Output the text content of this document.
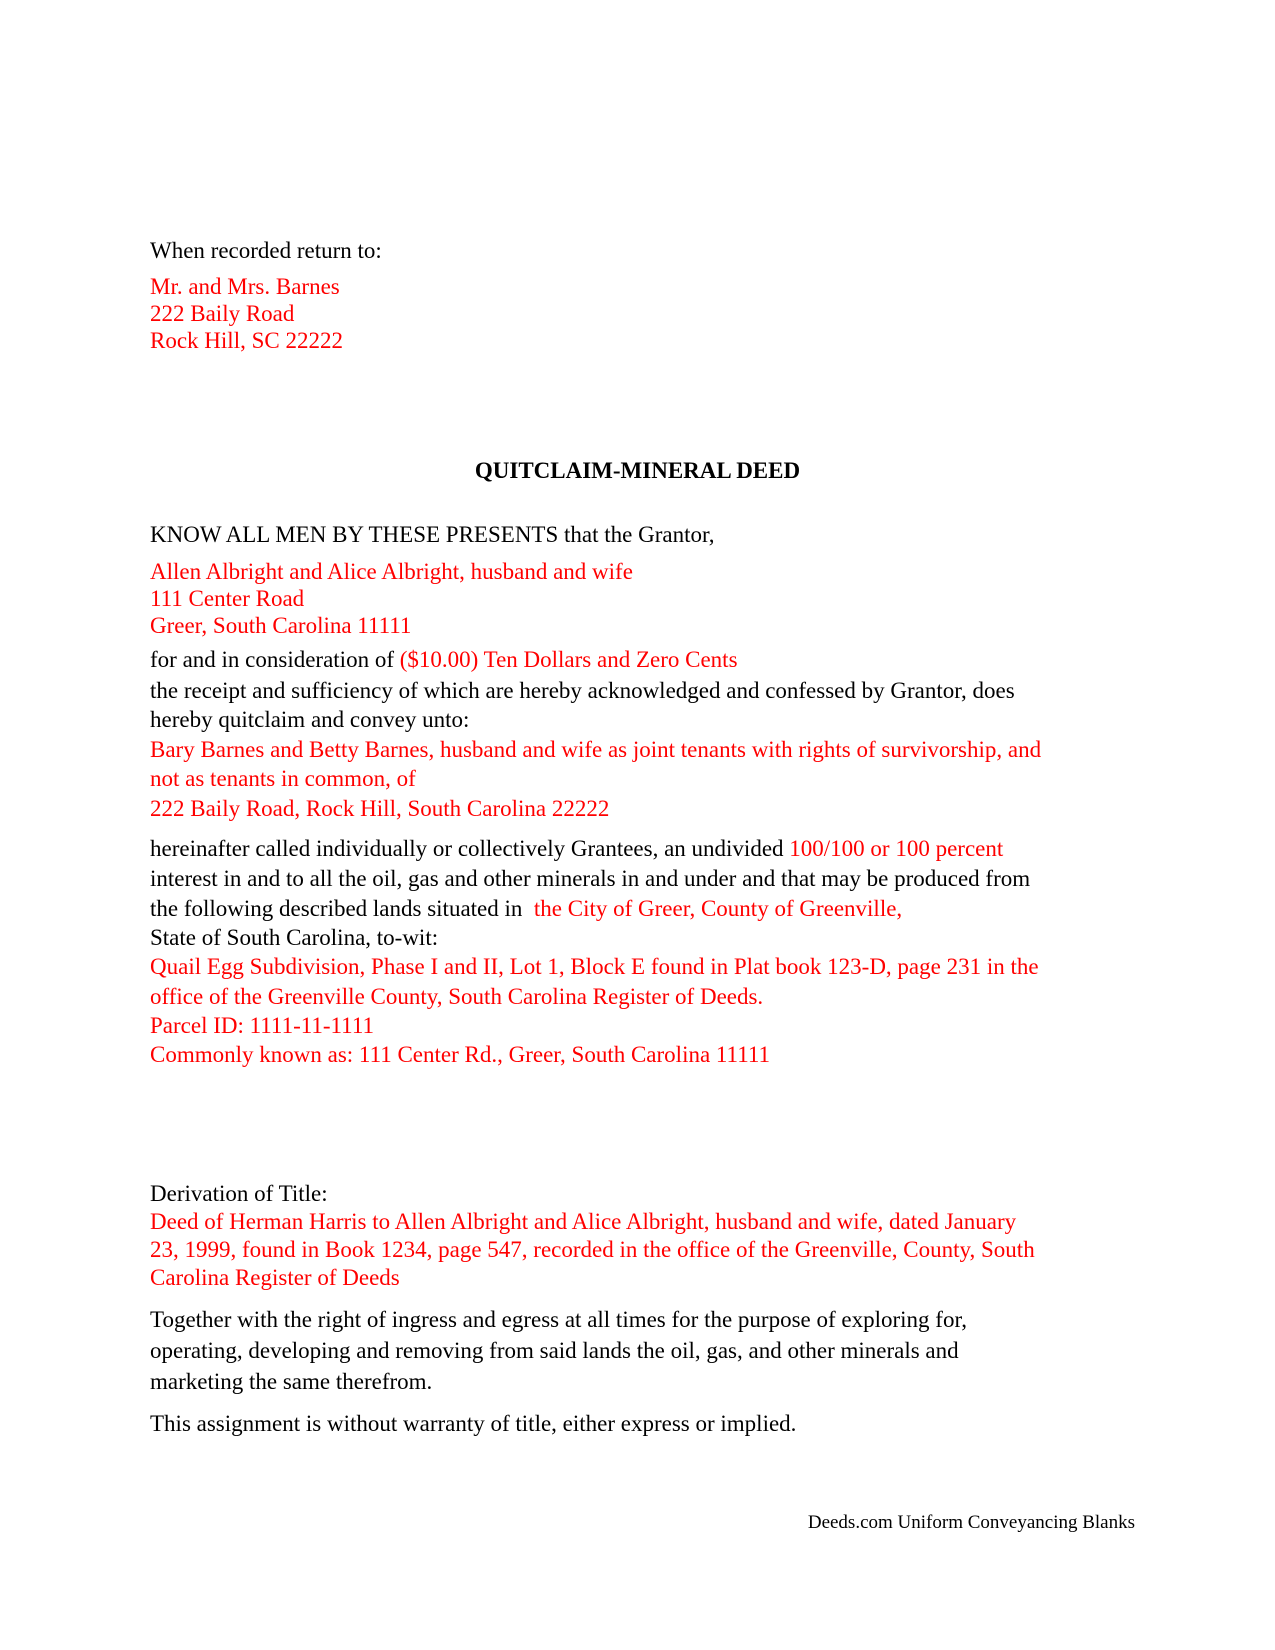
When recorded return to:

Mr. and Mrs. Barnes

222 Baily Road

Rock Hill, SC 22222

QUITCLAIM-MINERAL DEED

KNOW ALL MEN BY THESE PRESENTS that the Grantor,

Allen Albright and Alice Albright, husband and wife

111 Center Road

Greer, South Carolina 11111

for and in consideration of ($10.00) Ten Dollars and Zero Cents

the receipt and sufficiency of which are hereby acknowledged and confessed by Grantor, does

hereby quitclaim and convey unto:

Bary Barnes and Betty Barnes, husband and wife as joint tenants with rights of survivorship, and

not as tenants in common, of

222 Baily Road, Rock Hill, South Carolina 22222

hereinafter called individually or collectively Grantees, an undivided 100/100 or 100 percent

interest in and to all the oil, gas and other minerals in and under and that may be produced from

the following described lands situated in the City of Greer, County of Greenville,

State of South Carolina, to-wit:

Quail Egg Subdivision, Phase I and II, Lot 1, Block E found in Plat book 123-D, page 231 in the

office of the Greenville County, South Carolina Register of Deeds.

Parcel ID: 1111-11-1111

Commonly known as: 111 Center Rd., Greer, South Carolina 11111

Derivation of Title:

Deed of Herman Harris to Allen Albright and Alice Albright, husband and wife, dated January

23, 1999, found in Book 1234, page 547, recorded in the office of the Greenville, County, South

Carolina Register of Deeds

Together with the right of ingress and egress at all times for the purpose of exploring for,

operating, developing and removing from said lands the oil, gas, and other minerals and

marketing the same therefrom.

This assignment is without warranty of title, either express or implied.

Deeds.com Uniform Conveyancing Blanks
